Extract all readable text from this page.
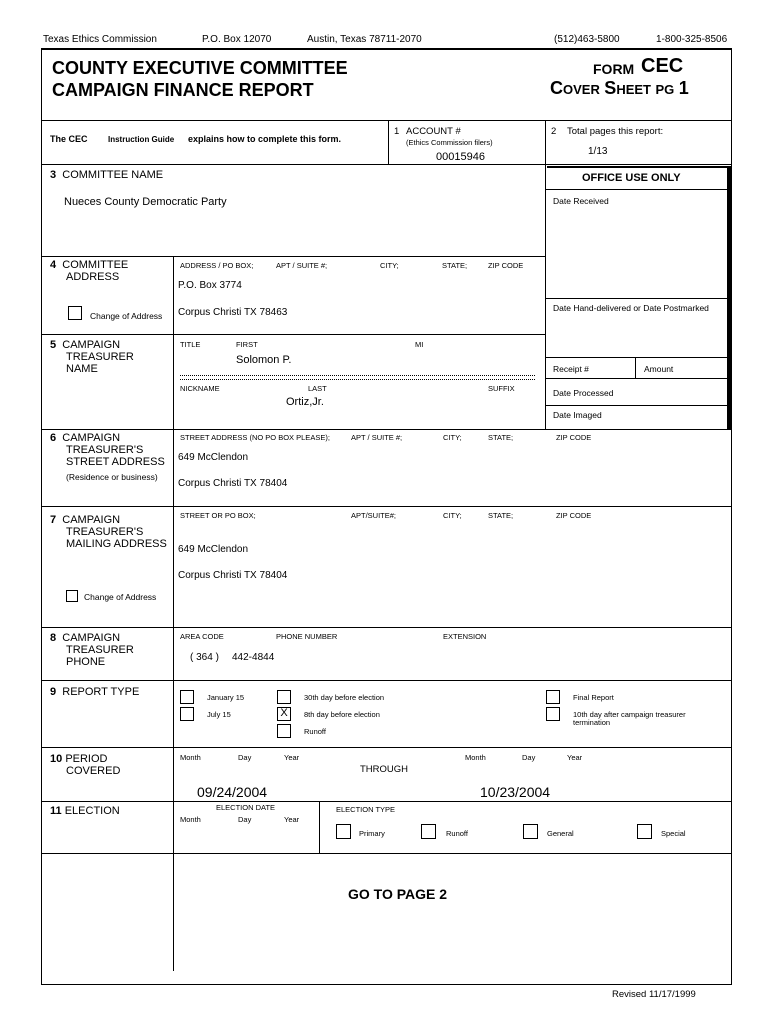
Texas Ethics Commission	P.O. Box 12070	Austin, Texas 78711-2070	(512)463-5800	1-800-325-8506
COUNTY EXECUTIVE COMMITTEE
CAMPAIGN FINANCE REPORT
FORM CEC
COVER SHEET PG 1
The CEC	Instruction Guide explains how to complete this form.
1 ACCOUNT #
(Ethics Commission filers)
00015946
2 Total pages this report:
1/13
OFFICE USE ONLY
Date Received
Date Hand-delivered or Date Postmarked
Receipt #	Amount
Date Processed
Date Imaged
3 COMMITTEE NAME
Nueces County Democratic Party
4 COMMITTEE
ADDRESS
ADDRESS / PO BOX;	APT / SUITE #;	CITY;	STATE;	ZIP CODE
P.O. Box 3774
Corpus Christi TX 78463
Change of Address
5 CAMPAIGN
TREASURER
NAME
TITLE	FIRST	MI
Solomon P.
NICKNAME	LAST	SUFFIX
Ortiz,Jr.
6 CAMPAIGN
TREASURER'S
STREET ADDRESS
(Residence or business)
STREET ADDRESS (NO PO BOX PLEASE);	APT / SUITE #;	CITY;	STATE;	ZIP CODE
649 McClendon
Corpus Christi TX 78404
7 CAMPAIGN
TREASURER'S
MAILING ADDRESS
STREET OR PO BOX;	APT/SUITE#;	CITY;	STATE;	ZIP CODE
649 McClendon
Corpus Christi TX 78404
Change of Address
8 CAMPAIGN
TREASURER
PHONE
AREA CODE	PHONE NUMBER	EXTENSION
( 364 ) 442-4844
9 REPORT TYPE	January 15
July 15
30th day before election
X	8th day before election
Runoff
Final Report
10th day after campaign treasurer
termination
10 PERIOD
COVERED
Month	Day	Year
THROUGH
Month	Day	Year
09/24/2004	10/23/2004
11 ELECTION	ELECTION DATE	ELECTION TYPE
Month	Day	Year
Primary	Runoff	General	Special
GO TO PAGE 2
Revised 11/17/1999
